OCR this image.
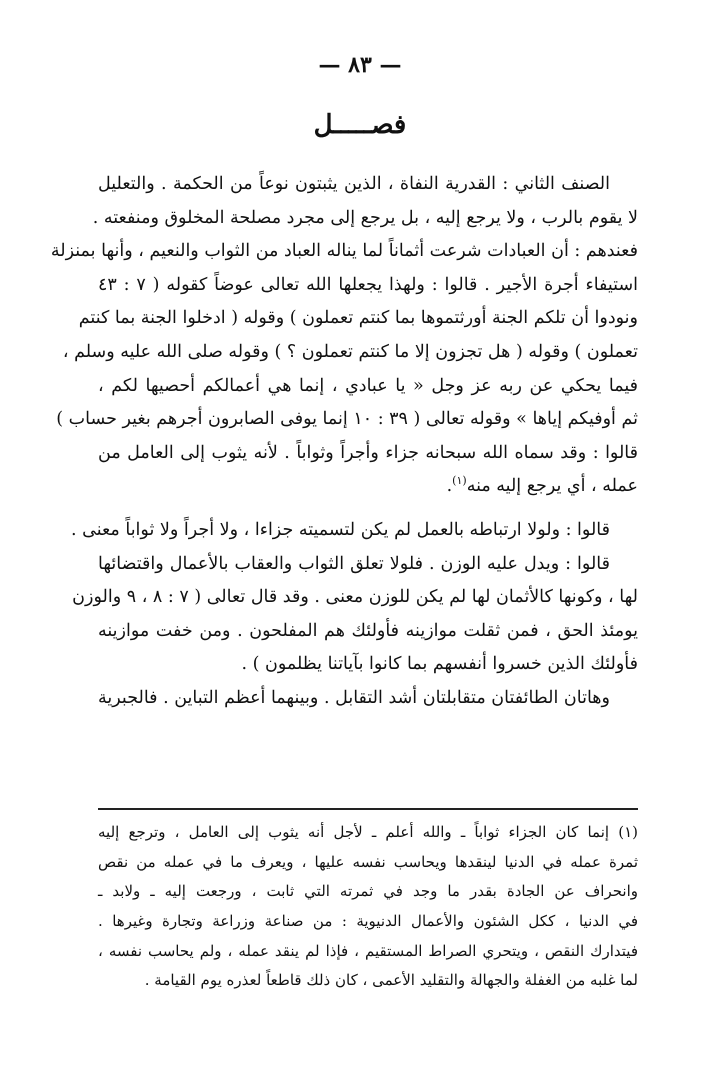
— ٨٣ —
فصـــــل
الصنف الثاني : القدرية النفاة ، الذين يثبتون نوعاً من الحكمة . والتعليل
لا يقوم بالرب ، ولا يرجع إليه ، بل يرجع إلى مجرد مصلحة المخلوق ومنفعته .
فعندهم : أن العبادات شرعت أثماناً لما يناله العباد من الثواب والنعيم ، وأنها بمنزلة
استيفاء أجرة الأجير . قالوا : ولهذا يجعلها الله تعالى عوضاً كقوله ( ٧ : ٤٣
ونودوا أن تلكم الجنة أورثتموها بما كنتم تعملون ) وقوله ( ادخلوا الجنة بما كنتم
تعملون ) وقوله ( هل تجزون إلا ما كنتم تعملون ؟ ) وقوله صلى الله عليه وسلم ،
فيما يحكي عن ربه عز وجل « يا عبادي ، إنما هي أعمالكم أحصيها لكم ،
ثم أوفيكم إياها » وقوله تعالى ( ٣٩ : ١٠ إنما يوفى الصابرون أجرهم بغير حساب )
قالوا : وقد سماه الله سبحانه جزاء وأجراً وثواباً . لأنه يثوب إلى العامل من
عمله ، أي يرجع إليه منه$^{(١)}$.
قالوا : ولولا ارتباطه بالعمل لم يكن لتسميته جزاءا ، ولا أجراً ولا ثواباً معنى .
قالوا : ويدل عليه الوزن . فلولا تعلق الثواب والعقاب بالأعمال واقتضائها
لها ، وكونها كالأثمان لها لم يكن للوزن معنى . وقد قال تعالى ( ٧ : ٨ ، ٩ والوزن
يومئذ الحق ، فمن ثقلت موازينه فأولئك هم المفلحون . ومن خفت موازينه
فأولئك الذين خسروا أنفسهم بما كانوا بآياتنا يظلمون ) .
وهاتان الطائفتان متقابلتان أشد التقابل . وبينهما أعظم التباين . فالجبرية
(١) إنما كان الجزاء ثواباً ـ والله أعلم ـ لأجل أنه يثوب إلى العامل ، وترجع إليه
ثمرة عمله في الدنيا لينقدها ويحاسب نفسه عليها ، ويعرف ما في عمله من نقص
وانحراف عن الجادة بقدر ما وجد في ثمرته التي ثابت ، ورجعت إليه ـ ولابد ـ
في الدنيا ، ككل الشئون والأعمال الدنيوية : من صناعة وزراعة وتجارة وغيرها .
فيتدارك النقص ، ويتحري الصراط المستقيم ، فإذا لم ينقد عمله ، ولم يحاسب نفسه ،
لما غلبه من الغفلة والجهالة والتقليد الأعمى ، كان ذلك قاطعاً لعذره يوم القيامة .
